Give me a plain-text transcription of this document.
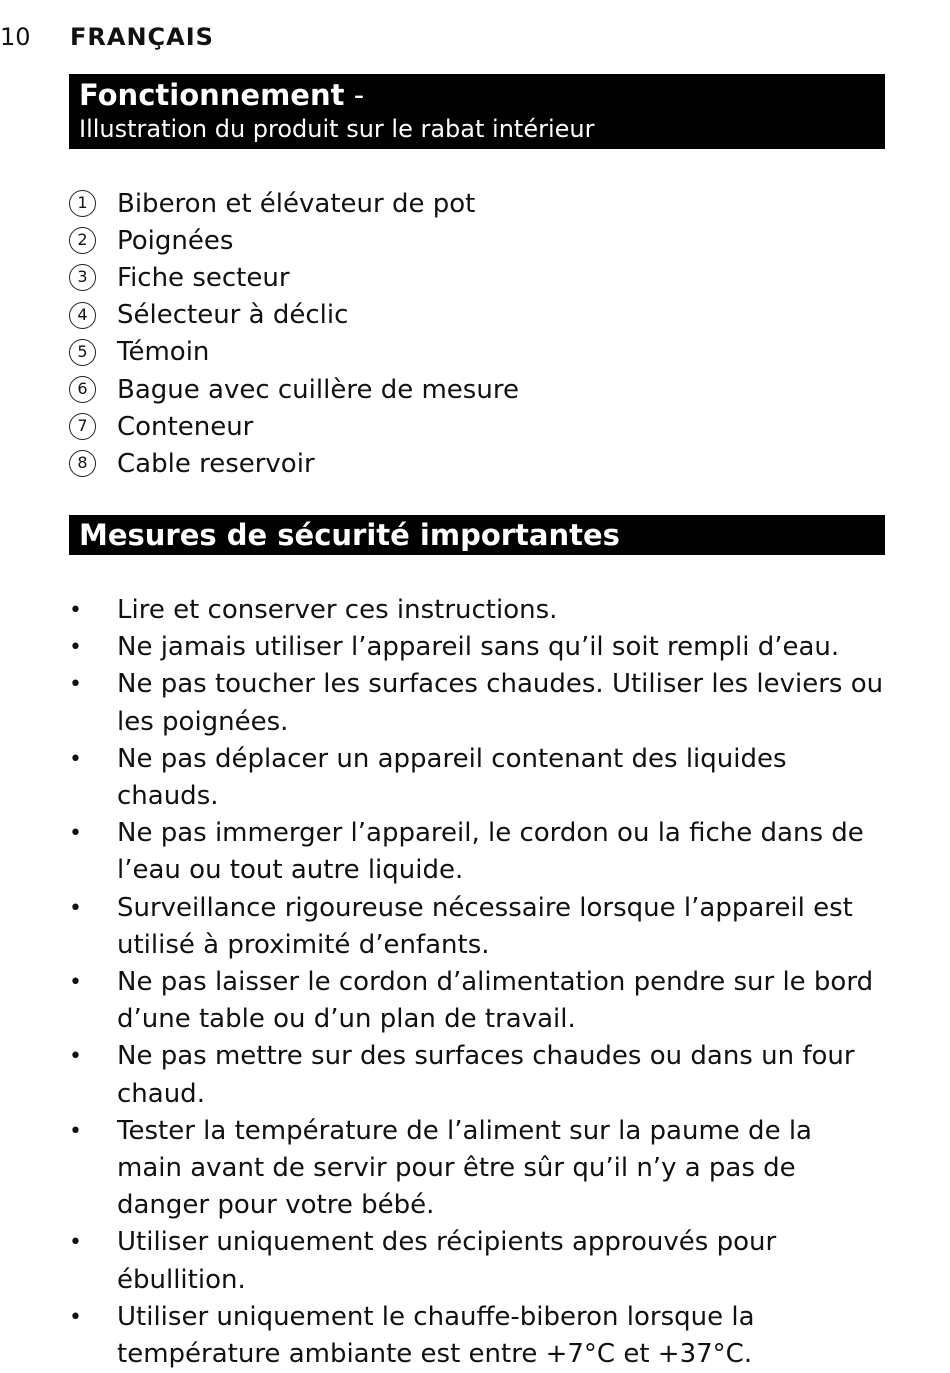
10 FRANÇAIS
Fonctionnement -
Illustration du produit sur le rabat intérieur
1	Biberon et élévateur de pot
2	Poignées
3	Fiche secteur
4	Sélecteur à déclic
5	Témoin
6	Bague avec cuillère de mesure
7	Conteneur
8	Cable reservoir
Mesures de sécurité importantes
• Lire et conserver ces instructions.
• Ne jamais utiliser l’appareil sans qu’il soit rempli d’eau.
• Ne pas toucher les surfaces chaudes. Utiliser les leviers ou les poignées.
• Ne pas déplacer un appareil contenant des liquides chauds.
• Ne pas immerger l’appareil, le cordon ou la fiche dans de l’eau ou tout autre liquide.
• Surveillance rigoureuse nécessaire lorsque l’appareil est utilisé à proximité d’enfants.
• Ne pas laisser le cordon d’alimentation pendre sur le bord d’une table ou d’un plan de travail.
• Ne pas mettre sur des surfaces chaudes ou dans un four chaud.
• Tester la température de l’aliment sur la paume de la main avant de servir pour être sûr qu’il n’y a pas de danger pour votre bébé.
• Utiliser uniquement des récipients approuvés pour ébullition.
• Utiliser uniquement le chauffe-biberon lorsque la température ambiante est entre +7°C et +37°C.
